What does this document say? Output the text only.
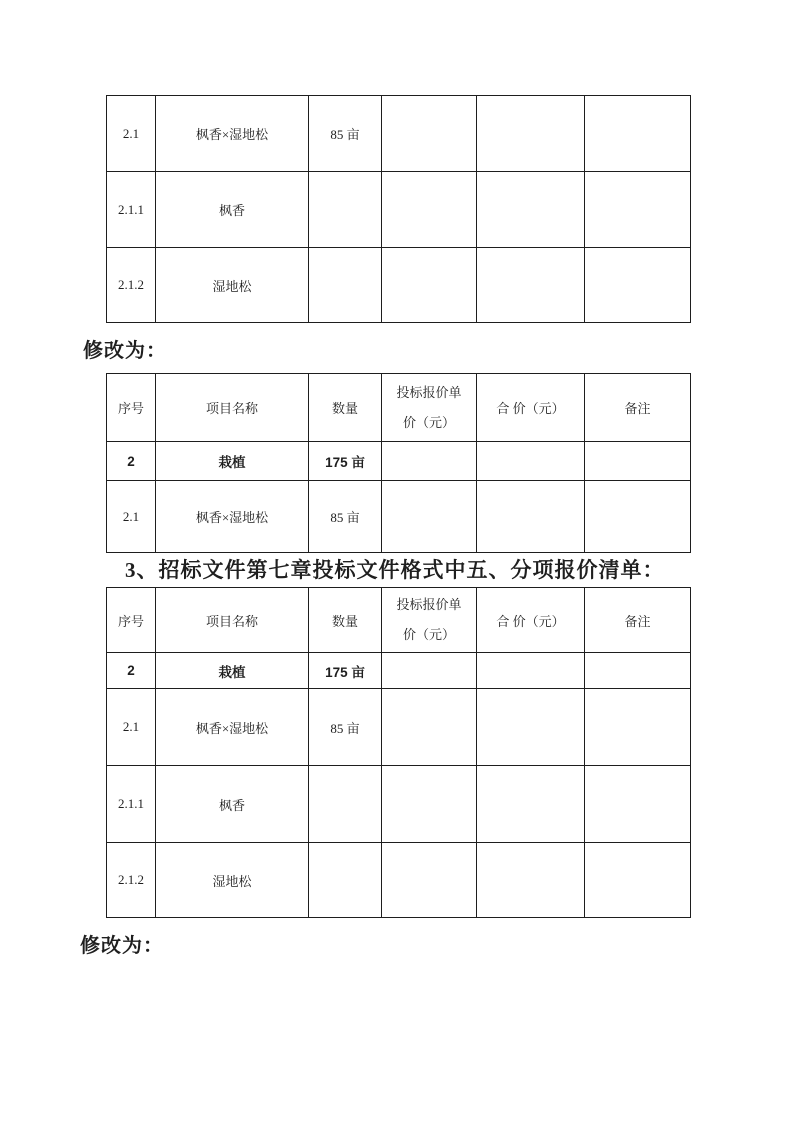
2.1	枫香×湿地松	85 亩			
2.1.1	枫香				
2.1.2	湿地松				
修改为：
序号	项目名称	数量	投标报价单价（元）	合 价（元）	备注
2	栽植	175 亩			
2.1	枫香×湿地松	85 亩			
3、招标文件第七章投标文件格式中五、分项报价清单：
序号	项目名称	数量	投标报价单价（元）	合 价（元）	备注
2	栽植	175 亩			
2.1	枫香×湿地松	85 亩			
2.1.1	枫香				
2.1.2	湿地松				
修改为：
